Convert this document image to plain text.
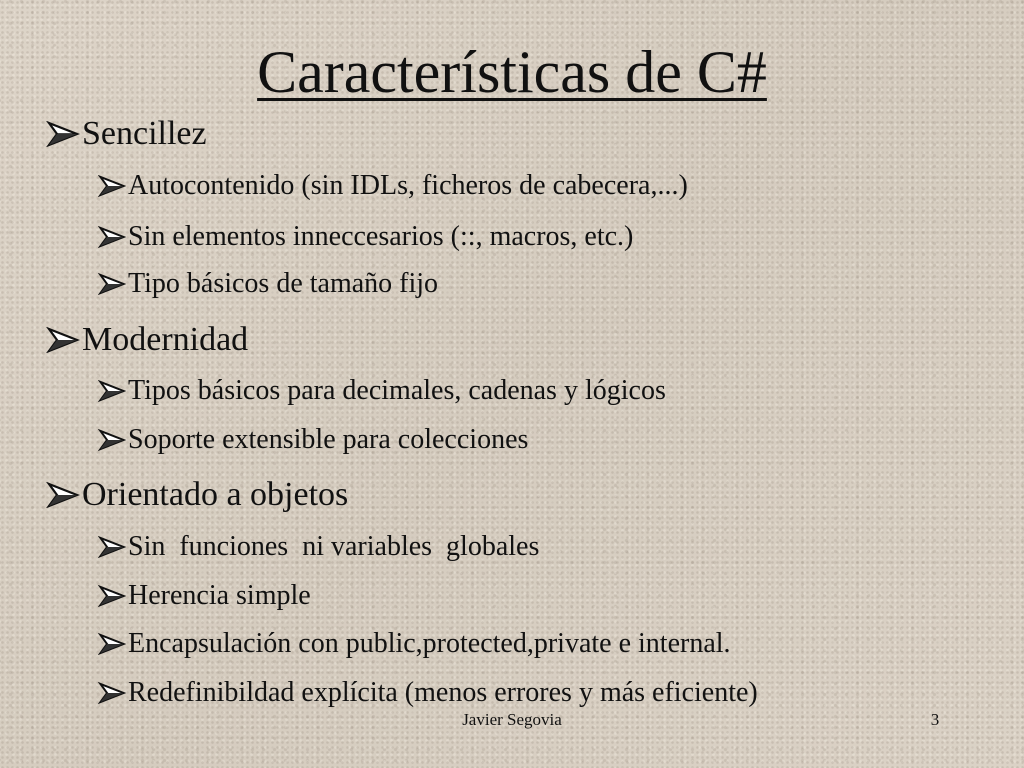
Características de C#
Sencillez
Autocontenido (sin IDLs, ficheros de cabecera,...)
Sin elementos inneccesarios (::, macros, etc.)
Tipo básicos de tamaño fijo
Modernidad
Tipos básicos para decimales, cadenas y lógicos
Soporte extensible para colecciones
Orientado a objetos
Sin  funciones  ni variables  globales
Herencia simple
Encapsulación con public,protected,private e internal.
Redefinibildad explícita (menos errores y más eficiente)
Javier Segovia	3
